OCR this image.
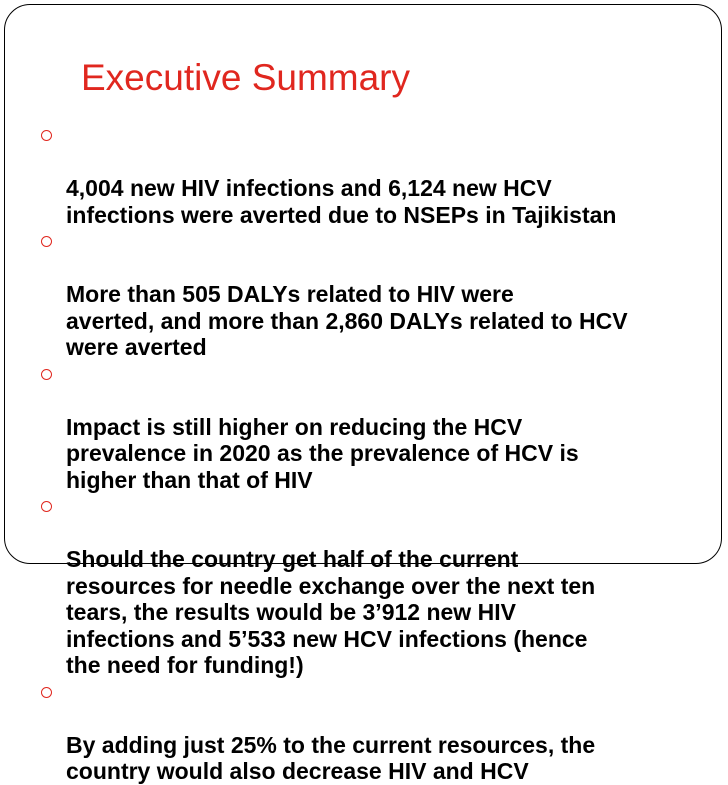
Executive Summary

4,004 new HIV infections and 6,124 new HCV
infections were averted due to NSEPs in Tajikistan

More than 505 DALYs related to HIV were
averted, and more than 2,860 DALYs related to HCV
were averted

Impact is still higher on reducing the HCV
prevalence in 2020 as the prevalence of HCV is
higher than that of HIV

Should the country get half of the current
resources for needle exchange over the next ten
tears, the results would be 3’912 new HIV
infections and 5’533 new HCV infections (hence
the need for funding!)

By adding just 25% to the current resources, the
country would also decrease HIV and HCV
